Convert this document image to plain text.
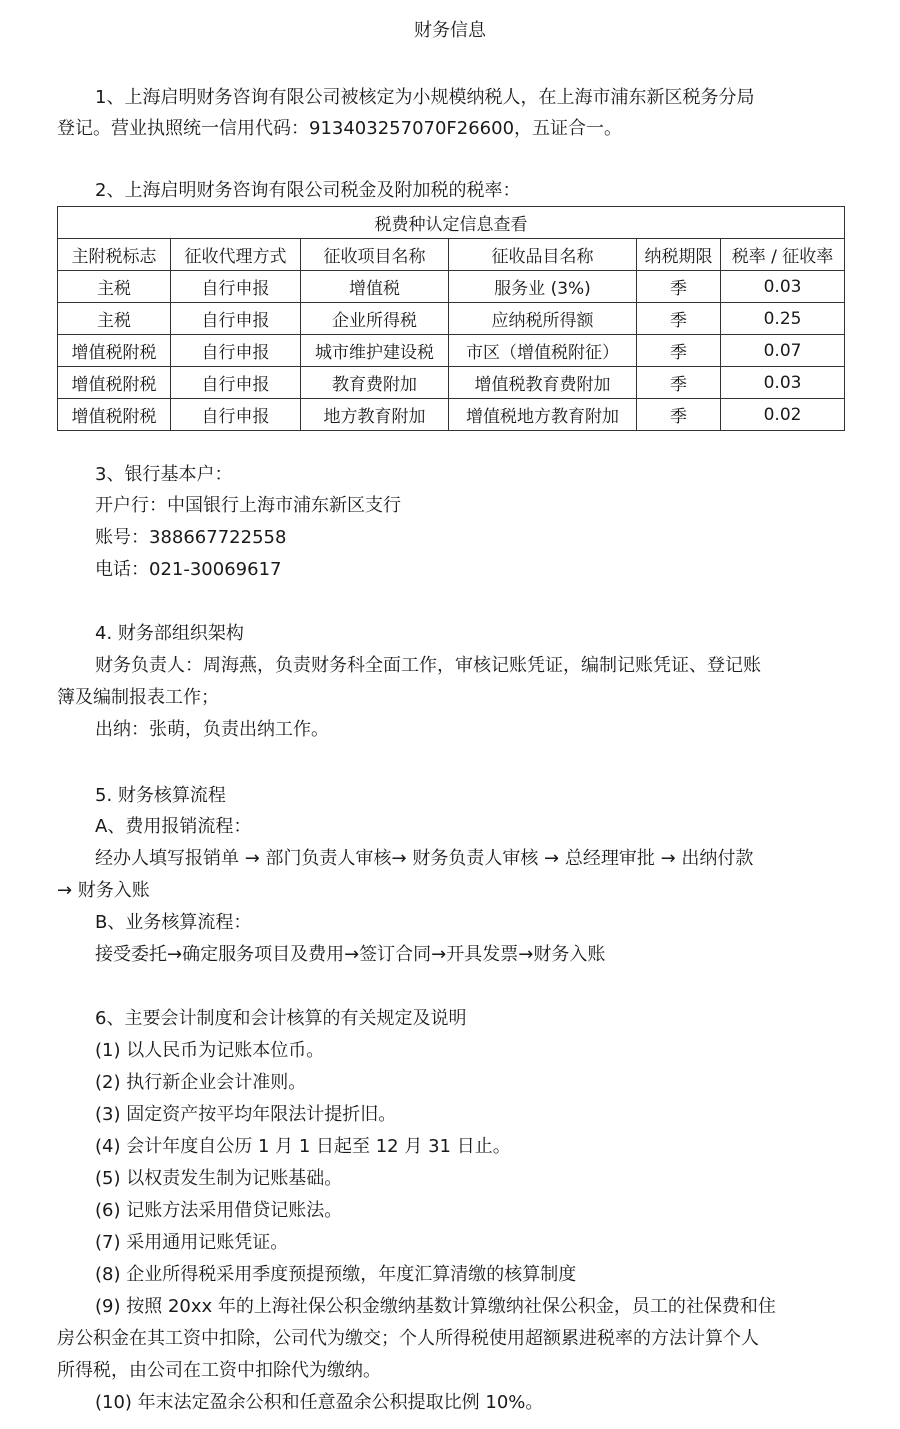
财务信息
1、上海启明财务咨询有限公司被核定为小规模纳税人，在上海市浦东新区税务分局
登记。营业执照统一信用代码：913403257070F26600，五证合一。
2、上海启明财务咨询有限公司税金及附加税的税率：
税费种认定信息查看					
主附税标志	征收代理方式	征收项目名称	征收品目名称	纳税期限	税率 / 征收率
主税	自行申报	增值税	服务业 (3%)	季	0.03
主税	自行申报	企业所得税	应纳税所得额	季	0.25
增值税附税	自行申报	城市维护建设税	市区（增值税附征）	季	0.07
增值税附税	自行申报	教育费附加	增值税教育费附加	季	0.03
增值税附税	自行申报	地方教育附加	增值税地方教育附加	季	0.02
3、银行基本户：
开户行：中国银行上海市浦东新区支行
账号：388667722558
电话：021-30069617
4. 财务部组织架构
财务负责人：周海燕，负责财务科全面工作，审核记账凭证，编制记账凭证、登记账
簿及编制报表工作；
出纳：张萌，负责出纳工作。
5. 财务核算流程
A、费用报销流程：
经办人填写报销单 → 部门负责人审核→ 财务负责人审核 → 总经理审批 → 出纳付款
→ 财务入账
B、业务核算流程：
接受委托→确定服务项目及费用→签订合同→开具发票→财务入账
6、主要会计制度和会计核算的有关规定及说明
(1) 以人民币为记账本位币。
(2) 执行新企业会计准则。
(3) 固定资产按平均年限法计提折旧。
(4) 会计年度自公历 1 月 1 日起至 12 月 31 日止。
(5) 以权责发生制为记账基础。
(6) 记账方法采用借贷记账法。
(7) 采用通用记账凭证。
(8) 企业所得税采用季度预提预缴，年度汇算清缴的核算制度
(9) 按照 20xx 年的上海社保公积金缴纳基数计算缴纳社保公积金，员工的社保费和住
房公积金在其工资中扣除，公司代为缴交；个人所得税使用超额累进税率的方法计算个人
所得税，由公司在工资中扣除代为缴纳。
(10) 年末法定盈余公积和任意盈余公积提取比例 10%。
